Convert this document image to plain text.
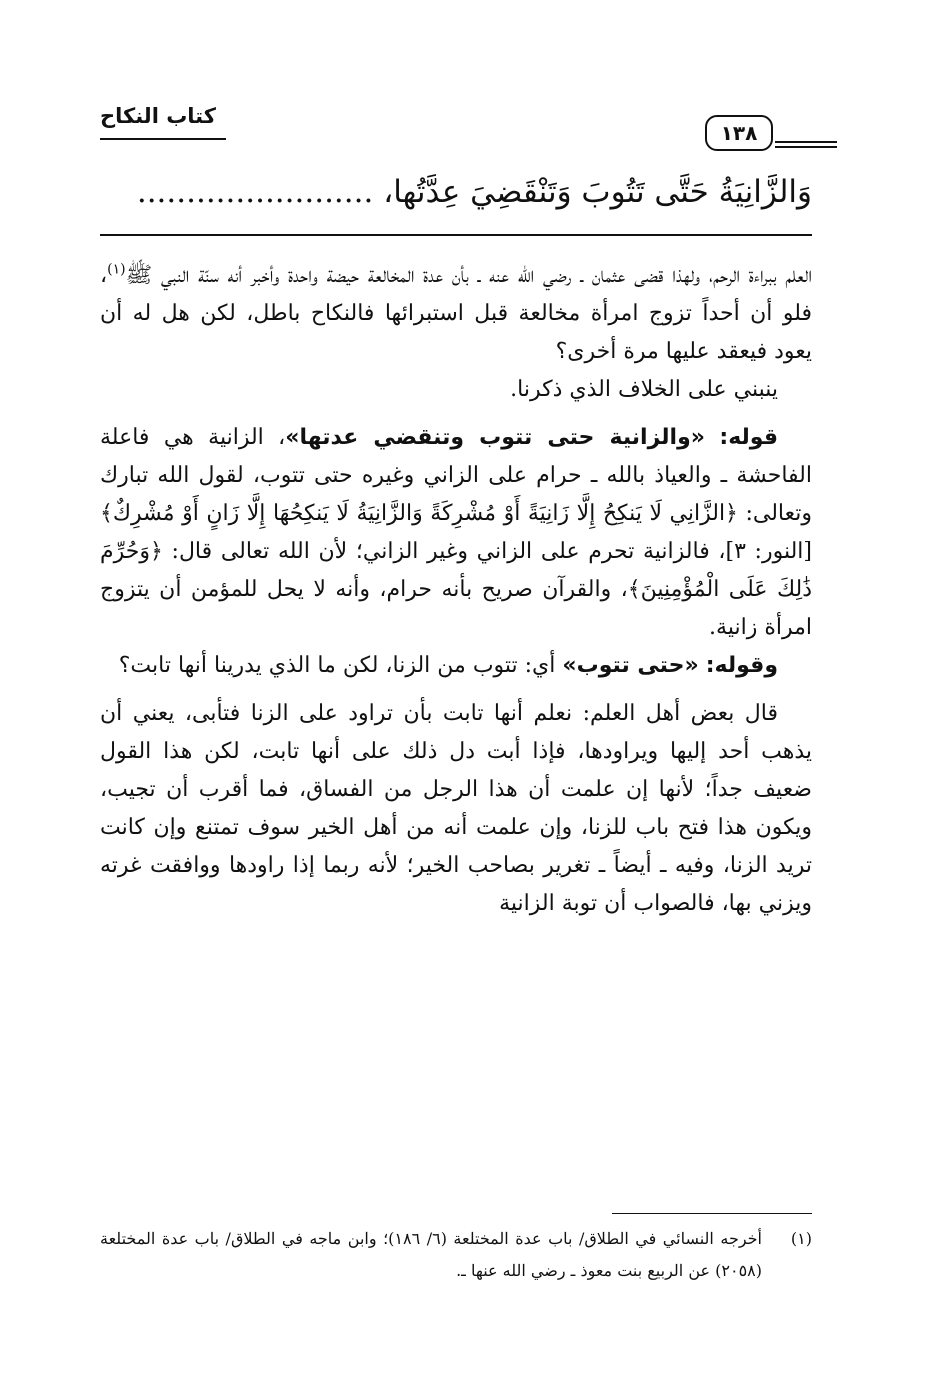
كتاب النكاح
١٣٨
وَالزَّانِيَةُ حَتَّى تَتُوبَ وَتَنْقَضِيَ عِدَّتُها، ........................

العلم ببراءة الرحم، ولهذا قضى عثمان ـ رضي الله عنه ـ بأن عدة المخالعة حيضة واحدة وأخبر أنه سنّة النبي ﷺ$^{(١)}$، فلو أن أحداً تزوج امرأة مخالعة قبل استبرائها فالنكاح باطل، لكن هل له أن يعود فيعقد عليها مرة أخرى؟

ينبني على الخلاف الذي ذكرنا.

قوله: «والزانية حتى تتوب وتنقضي عدتها»، الزانية هي فاعلة الفاحشة ـ والعياذ بالله ـ حرام على الزاني وغيره حتى تتوب، لقول الله تبارك وتعالى: ﴿الزَّانِي لَا يَنكِحُ إِلَّا زَانِيَةً أَوْ مُشْرِكَةً وَالزَّانِيَةُ لَا يَنكِحُهَا إِلَّا زَانٍ أَوْ مُشْرِكٌ﴾ [النور: ٣]، فالزانية تحرم على الزاني وغير الزاني؛ لأن الله تعالى قال: ﴿وَحُرِّمَ ذَٰلِكَ عَلَى الْمُؤْمِنِينَ﴾، والقرآن صريح بأنه حرام، وأنه لا يحل للمؤمن أن يتزوج امرأة زانية.

وقوله: «حتى تتوب» أي: تتوب من الزنا، لكن ما الذي يدرينا أنها تابت؟

قال بعض أهل العلم: نعلم أنها تابت بأن تراود على الزنا فتأبى، يعني أن يذهب أحد إليها ويراودها، فإذا أبت دل ذلك على أنها تابت، لكن هذا القول ضعيف جداً؛ لأنها إن علمت أن هذا الرجل من الفساق، فما أقرب أن تجيب، ويكون هذا فتح باب للزنا، وإن علمت أنه من أهل الخير سوف تمتنع وإن كانت تريد الزنا، وفيه ـ أيضاً ـ تغرير بصاحب الخير؛ لأنه ربما إذا راودها ووافقت غرته ويزني بها، فالصواب أن توبة الزانية

(١)أخرجه النسائي في الطلاق/ باب عدة المختلعة (٦/ ١٨٦)؛ وابن ماجه في الطلاق/ باب عدة المختلعة (٢٠٥٨) عن الربيع بنت معوذ ـ رضي الله عنها ـ.
